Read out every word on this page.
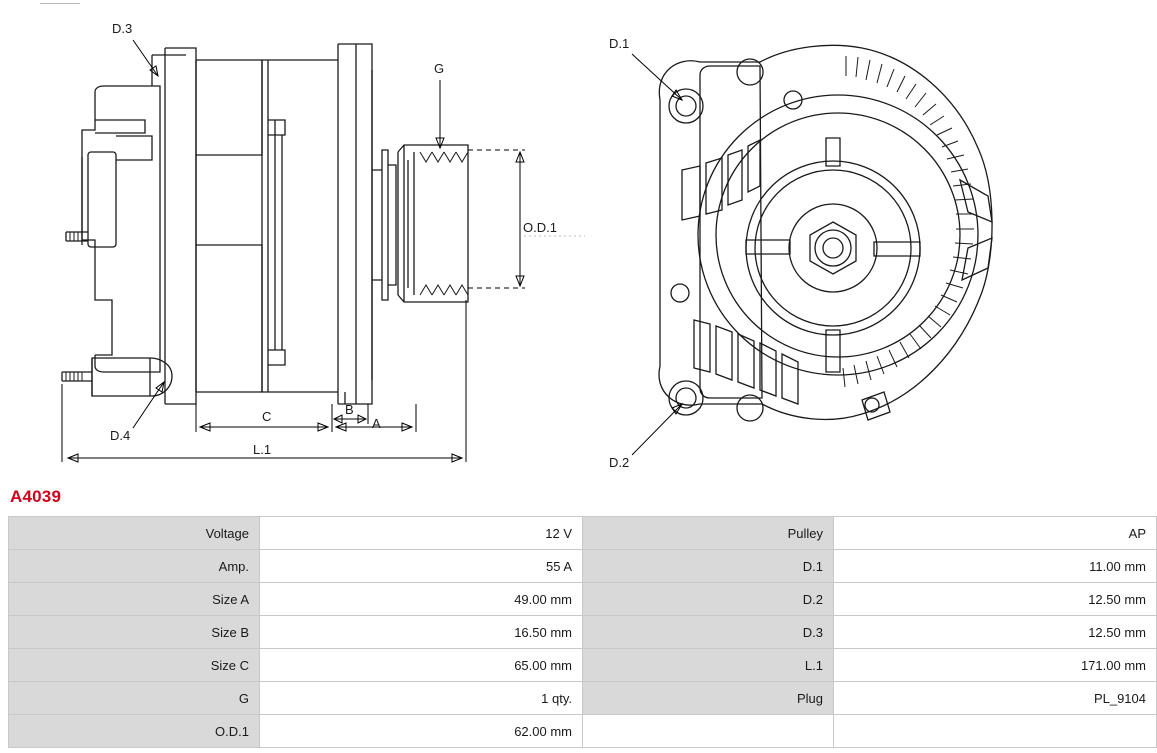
D.3
G
D.4
O.D.1
A
B
C
L.1
D.1
D.2
A4039
Voltage	12 V	Pulley	AP
Amp.	55 A	D.1	11.00 mm
Size A	49.00 mm	D.2	12.50 mm
Size B	16.50 mm	D.3	12.50 mm
Size C	65.00 mm	L.1	171.00 mm
G	1 qty.	Plug	PL_9104
O.D.1	62.00 mm		
